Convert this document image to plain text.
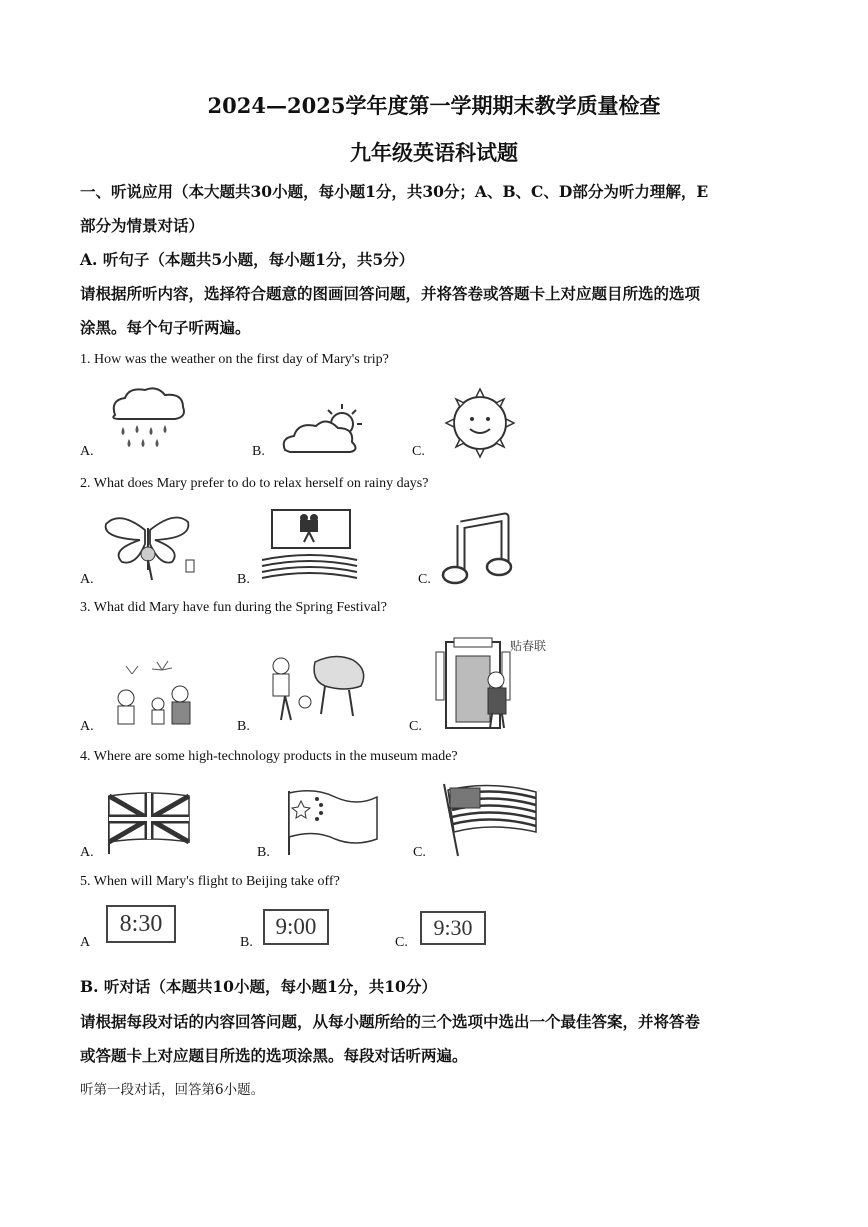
2024—2025学年度第一学期期末教学质量检查
九年级英语科试题
一、听说应用（本大题共30小题，每小题1分，共30分；A、B、C、D部分为听力理解，E
部分为情景对话）
A. 听句子（本题共5小题，每小题1分，共5分）
请根据所听内容，选择符合题意的图画回答问题，并将答卷或答题卡上对应题目所选的选项
涂黑。每个句子听两遍。
1. How was the weather on the first day of Mary's trip?
A.	B.	C.
2. What does Mary prefer to do to relax herself on rainy days?
A.	B.	C.
3. What did Mary have fun during the Spring Festival?
A.	B.	C.
贴春联
4. Where are some high-technology products in the museum made?
A.	B.	C.
5. When will Mary's flight to Beijing take off?
A	B.	C.
8:30	9:00	9:30
B. 听对话（本题共10小题，每小题1分，共10分）
请根据每段对话的内容回答问题，从每小题所给的三个选项中选出一个最佳答案，并将答卷
或答题卡上对应题目所选的选项涂黑。每段对话听两遍。
听第一段对话，回答第6小题。
